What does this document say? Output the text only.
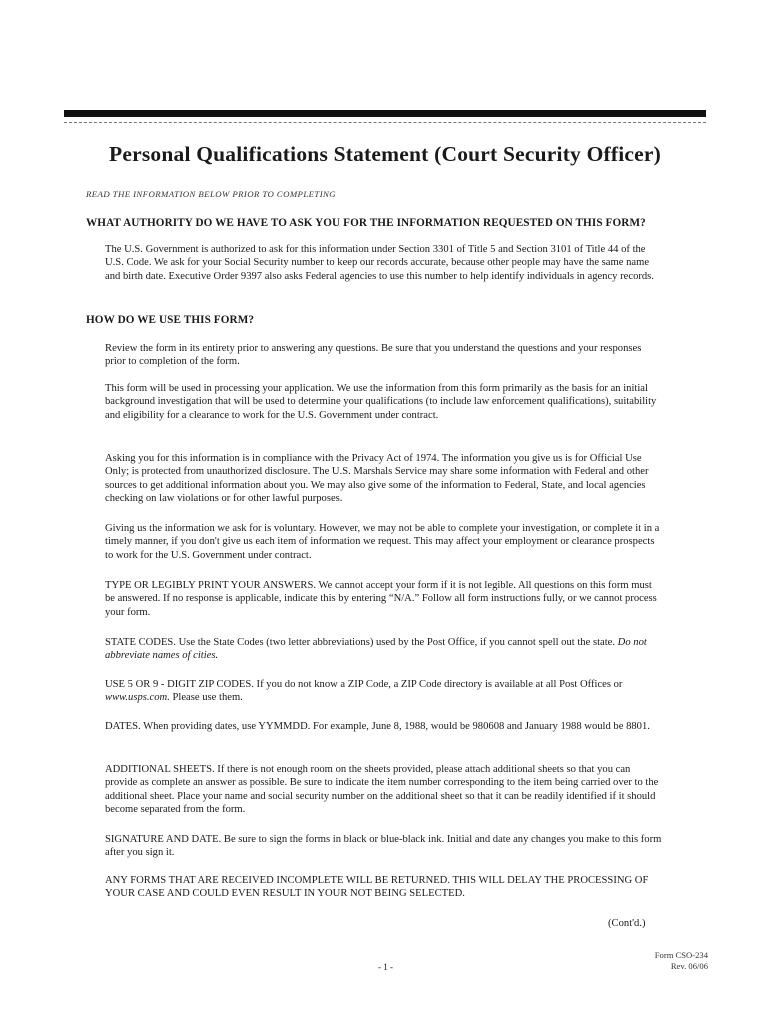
Personal Qualifications Statement (Court Security Officer)
READ THE INFORMATION BELOW PRIOR TO COMPLETING
WHAT AUTHORITY DO WE HAVE TO ASK YOU FOR THE INFORMATION REQUESTED ON THIS FORM?
The U.S. Government is authorized to ask for this information under Section 3301 of Title 5 and Section 3101 of Title 44 of the U.S. Code. We ask for your Social Security number to keep our records accurate, because other people may have the same name and birth date. Executive Order 9397 also asks Federal agencies to use this number to help identify individuals in agency records.
HOW DO WE USE THIS FORM?
Review the form in its entirety prior to answering any questions. Be sure that you understand the questions and your responses prior to completion of the form.
This form will be used in processing your application. We use the information from this form primarily as the basis for an initial background investigation that will be used to determine your qualifications (to include law enforcement qualifications), suitability and eligibility for a clearance to work for the U.S. Government under contract.
Asking you for this information is in compliance with the Privacy Act of 1974. The information you give us is for Official Use Only; is protected from unauthorized disclosure. The U.S. Marshals Service may share some information with Federal and other sources to get additional information about you. We may also give some of the information to Federal, State, and local agencies checking on law violations or for other lawful purposes.
Giving us the information we ask for is voluntary. However, we may not be able to complete your investigation, or complete it in a timely manner, if you don't give us each item of information we request. This may affect your employment or clearance prospects to work for the U.S. Government under contract.
TYPE OR LEGIBLY PRINT YOUR ANSWERS. We cannot accept your form if it is not legible. All questions on this form must be answered. If no response is applicable, indicate this by entering “N/A.” Follow all form instructions fully, or we cannot process your form.
STATE CODES. Use the State Codes (two letter abbreviations) used by the Post Office, if you cannot spell out the state. Do not abbreviate names of cities.
USE 5 OR 9 - DIGIT ZIP CODES. If you do not know a ZIP Code, a ZIP Code directory is available at all Post Offices or www.usps.com. Please use them.
DATES. When providing dates, use YYMMDD. For example, June 8, 1988, would be 980608 and January 1988 would be 8801.
ADDITIONAL SHEETS. If there is not enough room on the sheets provided, please attach additional sheets so that you can provide as complete an answer as possible. Be sure to indicate the item number corresponding to the item being carried over to the additional sheet. Place your name and social security number on the additional sheet so that it can be readily identified if it should become separated from the form.
SIGNATURE AND DATE. Be sure to sign the forms in black or blue-black ink. Initial and date any changes you make to this form after you sign it.
ANY FORMS THAT ARE RECEIVED INCOMPLETE WILL BE RETURNED. THIS WILL DELAY THE PROCESSING OF YOUR CASE AND COULD EVEN RESULT IN YOUR NOT BEING SELECTED.
(Cont'd.)
- 1 -
Form CSO-234
Rev. 06/06
